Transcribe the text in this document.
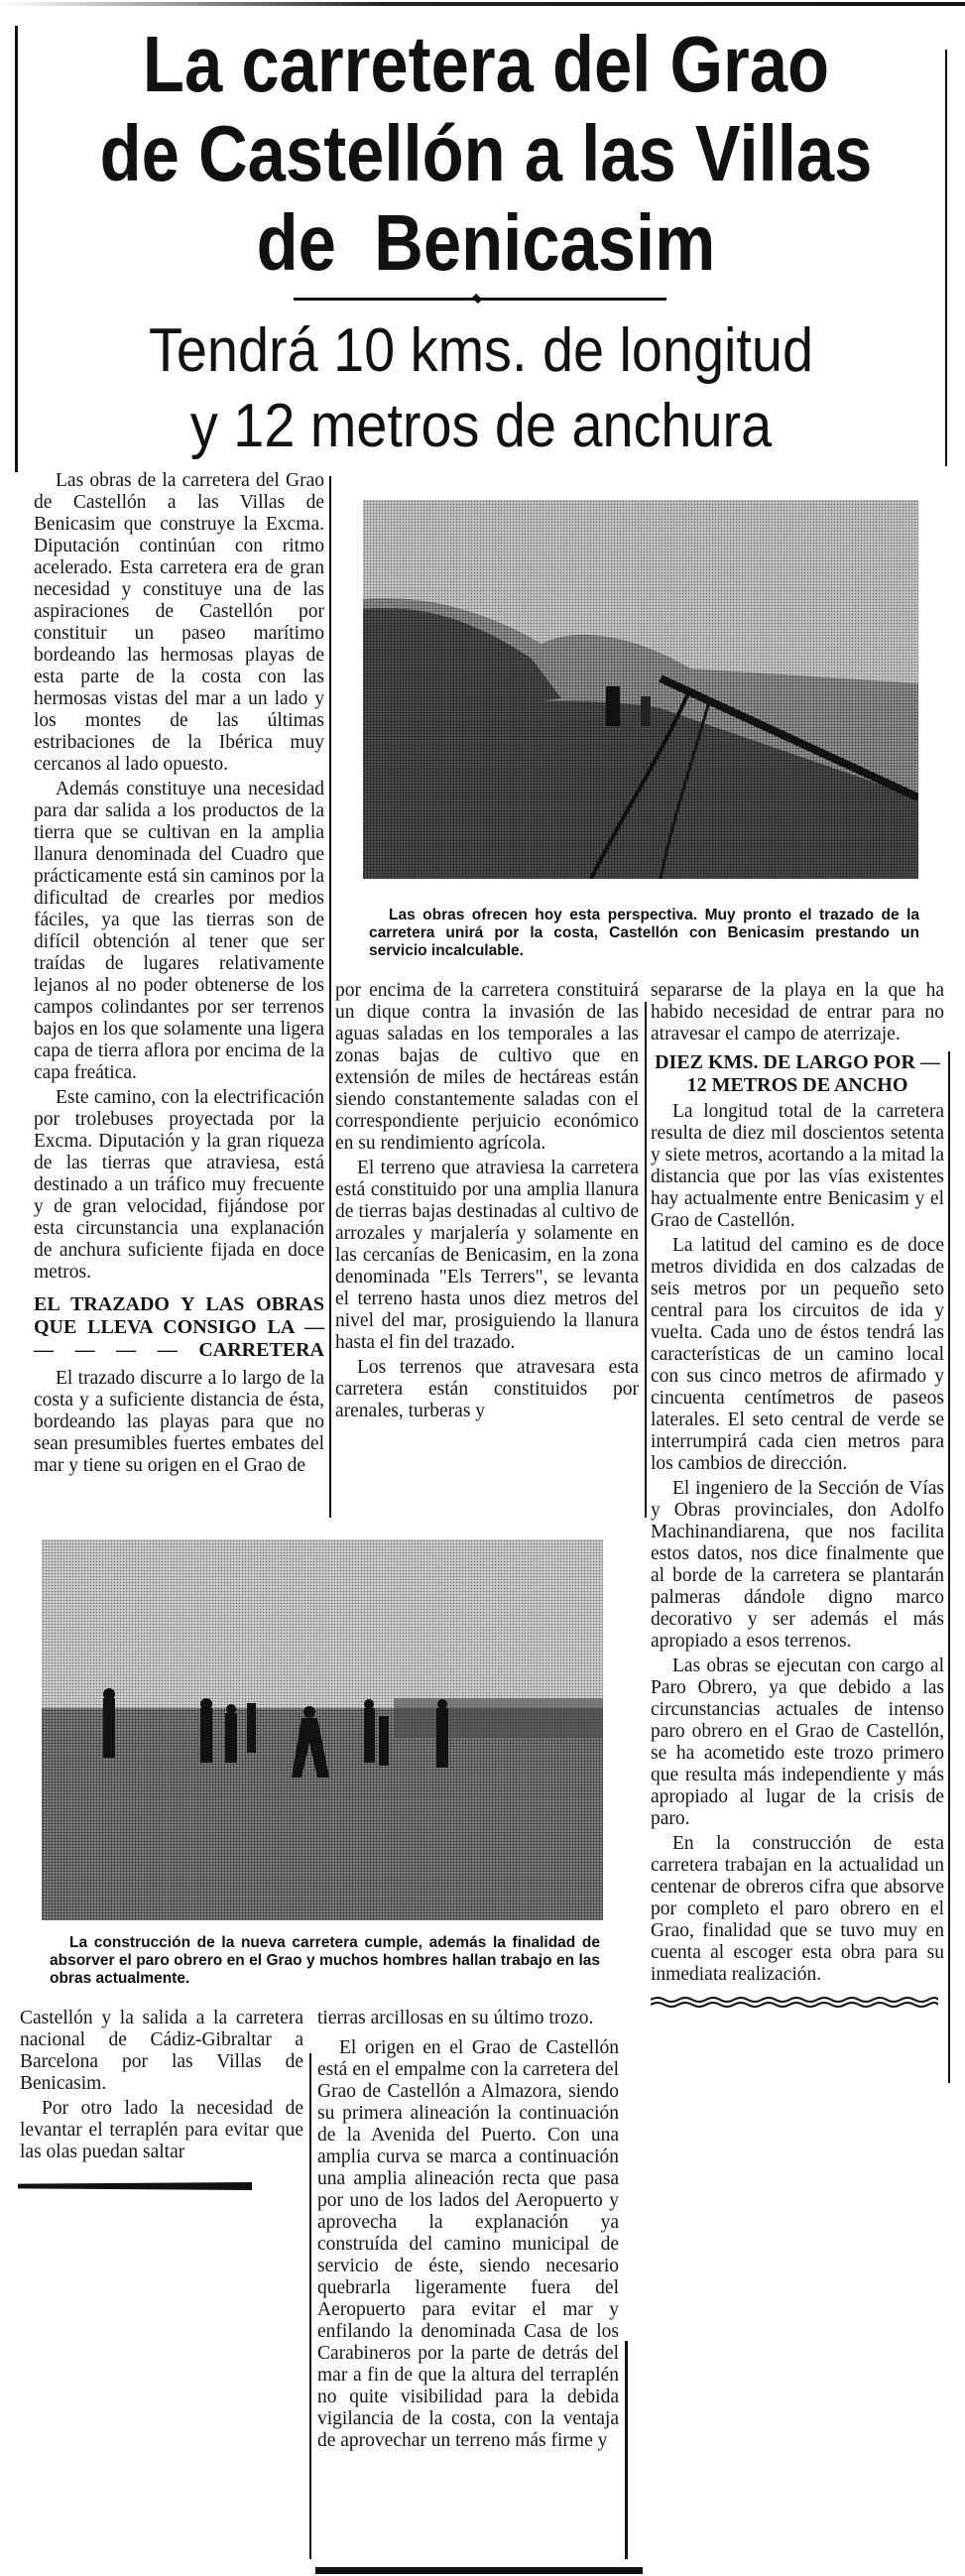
La carretera del Grao
de Castellón a las Villas
de  Benicasim
Tendrá 10 kms. de longitud
y 12 metros de anchura

Las obras de la carretera del Grao de Castellón a las Villas de Benicasim que construye la Excma. Diputación continúan con ritmo acelerado. Esta carretera era de gran necesidad y constituye una de las aspiraciones de Castellón por constituir un paseo marítimo bordeando las hermosas playas de esta parte de la costa con las hermosas vistas del mar a un lado y los montes de las últimas estribaciones de la Ibérica muy cercanos al lado opuesto.

Además constituye una necesidad para dar salida a los productos de la tierra que se cultivan en la amplia llanura denominada del Cuadro que prácticamente está sin caminos por la dificultad de crearles por medios fáciles, ya que las tierras son de difícil obtención al tener que ser traídas de lugares relativamente lejanos al no poder obtenerse de los campos colindantes por ser terrenos bajos en los que solamente una ligera capa de tierra aflora por encima de la capa freática.

Este camino, con la electrificación por trolebuses proyectada por la Excma. Diputación y la gran riqueza de las tierras que atraviesa, está destinado a un tráfico muy frecuente y de gran velocidad, fijándose por esta circunstancia una explanación de anchura suficiente fijada en doce metros.

EL TRAZADO Y LAS OBRAS QUE LLEVA CONSIGO LA — — — — — CARRETERA

El trazado discurre a lo largo de la costa y a suficiente distancia de ésta, bordeando las playas para que no sean presumibles fuertes embates del mar y tiene su origen en el Grao de

Las obras ofrecen hoy esta perspectiva. Muy pronto el trazado de la carretera unirá por la costa, Castellón con Benicasim prestando un servicio incalculable.

por encima de la carretera constituirá un dique contra la invasión de las aguas saladas en los temporales a las zonas bajas de cultivo que en extensión de miles de hectáreas están siendo constantemente saladas con el correspondiente perjuicio económico en su rendimiento agrícola.

El terreno que atraviesa la carretera está constituido por una amplia llanura de tierras bajas destinadas al cultivo de arrozales y marjalería y solamente en las cercanías de Benicasim, en la zona denominada "Els Terrers", se levanta el terreno hasta unos diez metros del nivel del mar, prosiguiendo la llanura hasta el fin del trazado.

Los terrenos que atravesara esta carretera están constituidos por arenales, turberas y

separarse de la playa en la que ha habido necesidad de entrar para no atravesar el campo de aterrizaje.

DIEZ KMS. DE LARGO POR — 12 METROS DE ANCHO

La longitud total de la carretera resulta de diez mil doscientos setenta y siete metros, acortando a la mitad la distancia que por las vías existentes hay actualmente entre Benicasim y el Grao de Castellón.

La latitud del camino es de doce metros dividida en dos calzadas de seis metros por un pequeño seto central para los circuitos de ida y vuelta. Cada uno de éstos tendrá las características de un camino local con sus cinco metros de afirmado y cincuenta centímetros de paseos laterales. El seto central de verde se interrumpirá cada cien metros para los cambios de dirección.

El ingeniero de la Sección de Vías y Obras provinciales, don Adolfo Machinandiarena, que nos facilita estos datos, nos dice finalmente que al borde de la carretera se plantarán palmeras dándole digno marco decorativo y ser además el más apropiado a esos terrenos.

Las obras se ejecutan con cargo al Paro Obrero, ya que debido a las circunstancias actuales de intenso paro obrero en el Grao de Castellón, se ha acometido este trozo primero que resulta más independiente y más apropiado al lugar de la crisis de paro.

En la construcción de esta carretera trabajan en la actualidad un centenar de obreros cifra que absorve por completo el paro obrero en el Grao, finalidad que se tuvo muy en cuenta al escoger esta obra para su inmediata realización.

La construcción de la nueva carretera cumple, además la finalidad de absorver el paro obrero en el Grao y muchos hombres hallan trabajo en las obras actualmente.

Castellón y la salida a la carretera nacional de Cádiz-Gibraltar a Barcelona por las Villas de Benicasim.

Por otro lado la necesidad de levantar el terraplén para evitar que las olas puedan saltar

tierras arcillosas en su último trozo.

El origen en el Grao de Castellón está en el empalme con la carretera del Grao de Castellón a Almazora, siendo su primera alineación la continuación de la Avenida del Puerto. Con una amplia curva se marca a continuación una amplia alineación recta que pasa por uno de los lados del Aeropuerto y aprovecha la explanación ya construída del camino municipal de servicio de éste, siendo necesario quebrarla ligeramente fuera del Aeropuerto para evitar el mar y enfilando la denominada Casa de los Carabineros por la parte de detrás del mar a fin de que la altura del terraplén no quite visibilidad para la debida vigilancia de la costa, con la ventaja de aprovechar un terreno más firme y
